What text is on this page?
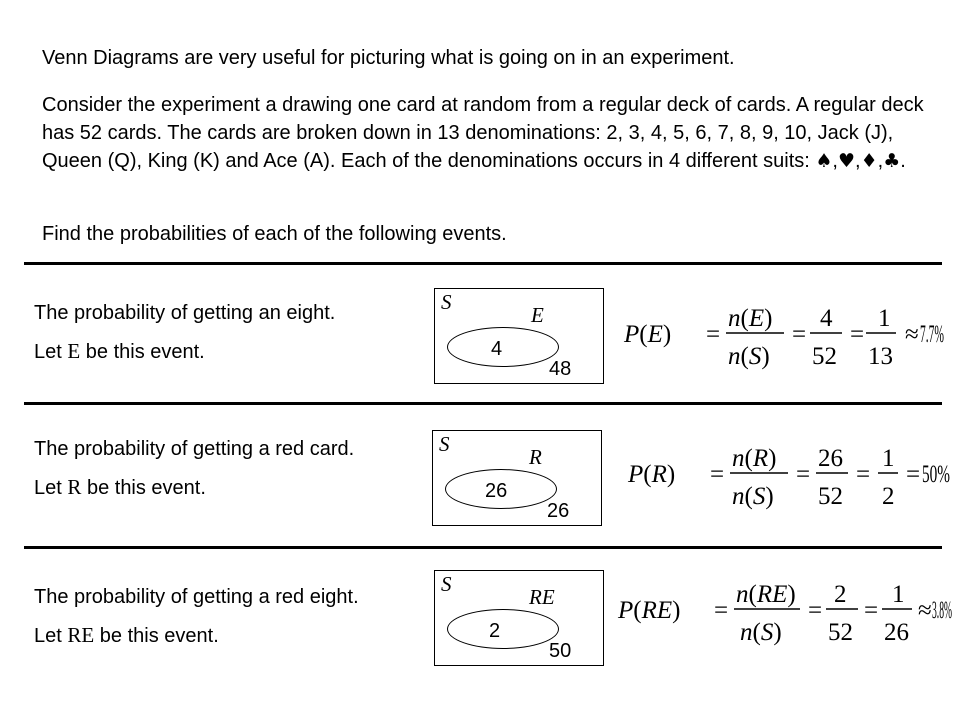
Venn Diagrams are very useful for picturing what is going on in an experiment.
Consider the experiment a drawing one card at random from a regular deck of cards. A regular deck has 52 cards. The cards are broken down in 13 denominations: 2, 3, 4, 5, 6, 7, 8, 9, 10, Jack (J), Queen (Q), King (K) and Ace (A). Each of the denominations occurs in 4 different suits: ♠,♥,♦,♣.
Find the probabilities of each of the following events.
The probability of getting an eight.
Let E be this event.
S
E
4
48
P(E) =
n(E)
n(S)
=
4
52
=
1
13
≈ 7.7%
The probability of getting a red card.
Let R be this event.
S
R
26
26
P(R) =
n(R)
n(S)
=
26
52
=
1
2
= 50%
The probability of getting a red eight.
Let RE be this event.
S
RE
2
50
P(RE) =
n(RE)
n(S)
=
2
52
=
1
26
≈ 3.8%
